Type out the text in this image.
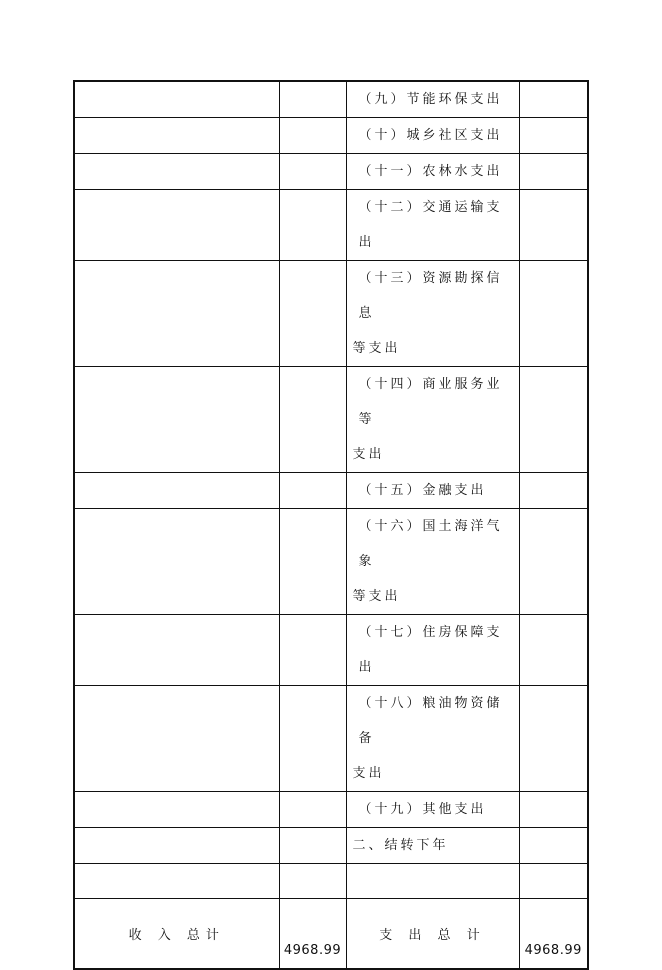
		（九）节能环保支出	

		（十）城乡社区支出	

		（十一）农林水支出	

		（十二）交通运输支出	

		（十三）资源勘探信息
等支出	

		（十四）商业服务业等
支出	

		（十五）金融支出	

		（十六）国土海洋气象
等支出	

		（十七）住房保障支出	

		（十八）粮油物资储备
支出	

		（十九）其他支出	

		二、结转下年	

收 入 总计	4968.99	支 出 总 计	4968.99
